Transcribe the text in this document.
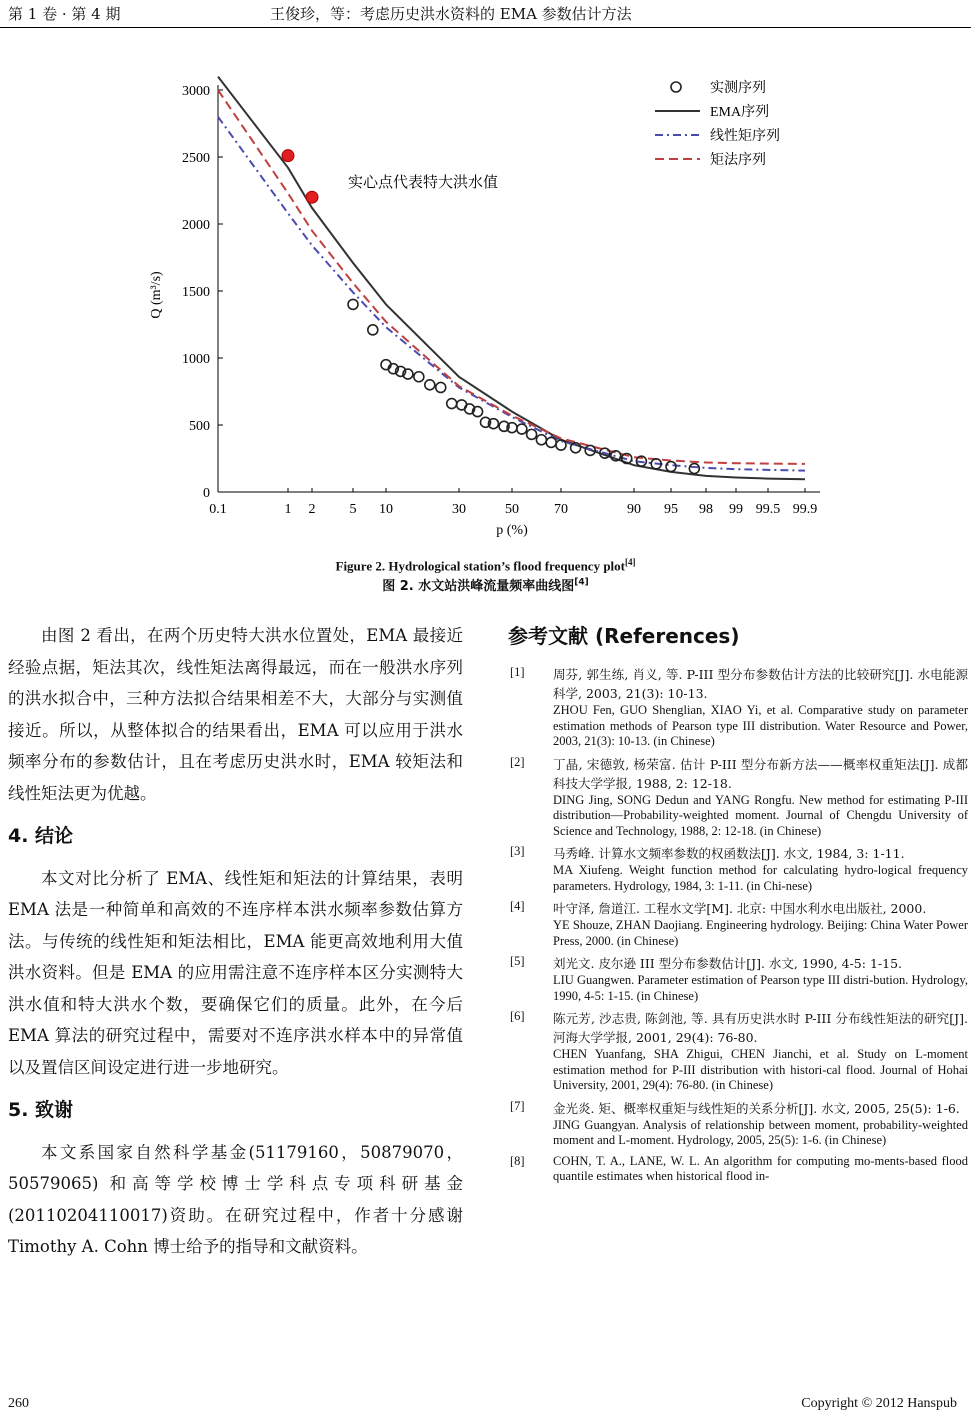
第 1 卷 · 第 4 期	王俊珍，等：考虑历史洪水资料的 EMA 参数估计方法
0
500
1000
1500
2000
2500
3000
0.1	1 2 5 10	30	50	70	90 95 98 99 99.5 99.9
p (%)
Q (m³/s)
实心点代表特大洪水值
实测序列
EMA序列
线性矩序列
矩法序列
Figure 2. Hydrological station’s flood frequency plot[4]
图 2. 水文站洪峰流量频率曲线图[4]

由图 2 看出，在两个历史特大洪水位置处，EMA 最接近经验点据，矩法其次，线性矩法离得最远，而在一般洪水序列的洪水拟合中，三种方法拟合结果相差不大，大部分与实测值接近。所以，从整体拟合的结果看出，EMA 可以应用于洪水频率分布的参数估计，且在考虑历史洪水时，EMA 较矩法和线性矩法更为优越。

4. 结论

本文对比分析了 EMA、线性矩和矩法的计算结果，表明 EMA 法是一种简单和高效的不连序样本洪水频率参数估算方法。与传统的线性矩和矩法相比，EMA 能更高效地利用大值洪水资料。但是 EMA 的应用需注意不连序样本区分实测特大洪水值和特大洪水个数，要确保它们的质量。此外，在今后 EMA 算法的研究过程中，需要对不连序洪水样本中的异常值以及置信区间设定进行进一步地研究。

5. 致谢

本文系国家自然科学基金(51179160，50879070，50579065) 和高等学校博士学科点专项科研基金(20110204110017)资助。在研究过程中，作者十分感谢 Timothy A. Cohn 博士给予的指导和文献资料。

参考文献 (References)
[1] 周芬, 郭生练, 肖义, 等. P-III 型分布参数估计方法的比较研究[J]. 水电能源科学, 2003, 21(3): 10-13.
ZHOU Fen, GUO Shenglian, XIAO Yi, et al. Comparative study on parameter estimation methods of Pearson type III distribution. Water Resource and Power, 2003, 21(3): 10-13. (in Chinese)
[2] 丁晶, 宋德敦, 杨荣富. 估计 P-III 型分布新方法——概率权重矩法[J]. 成都科技大学学报, 1988, 2: 12-18.
DING Jing, SONG Dedun and YANG Rongfu. New method for estimating P-III distribution—Probability-weighted moment. Journal of Chengdu University of Science and Technology, 1988, 2: 12-18. (in Chinese)
[3] 马秀峰. 计算水文频率参数的权函数法[J]. 水文, 1984, 3: 1-11.
MA Xiufeng. Weight function method for calculating hydro-logical frequency parameters. Hydrology, 1984, 3: 1-11. (in Chi-nese)
[4] 叶守泽, 詹道江. 工程水文学[M]. 北京: 中国水利水电出版社, 2000.
YE Shouze, ZHAN Daojiang. Engineering hydrology. Beijing: China Water Power Press, 2000. (in Chinese)
[5] 刘光文. 皮尔逊 III 型分布参数估计[J]. 水文, 1990, 4-5: 1-15.
LIU Guangwen. Parameter estimation of Pearson type III distri-bution. Hydrology, 1990, 4-5: 1-15. (in Chinese)
[6] 陈元芳, 沙志贵, 陈剑池, 等. 具有历史洪水时 P-III 分布线性矩法的研究[J]. 河海大学学报, 2001, 29(4): 76-80.
CHEN Yuanfang, SHA Zhigui, CHEN Jianchi, et al. Study on L-moment estimation method for P-III distribution with histori-cal flood. Journal of Hohai University, 2001, 29(4): 76-80. (in Chinese)
[7] 金光炎. 矩、概率权重矩与线性矩的关系分析[J]. 水文, 2005, 25(5): 1-6.
JING Guangyan. Analysis of relationship between moment, probability-weighted moment and L-moment. Hydrology, 2005, 25(5): 1-6. (in Chinese)
[8] COHN, T. A., LANE, W. L. An algorithm for computing mo-ments-based flood quantile estimates when historical flood in-
260	Copyright © 2012 Hanspub
